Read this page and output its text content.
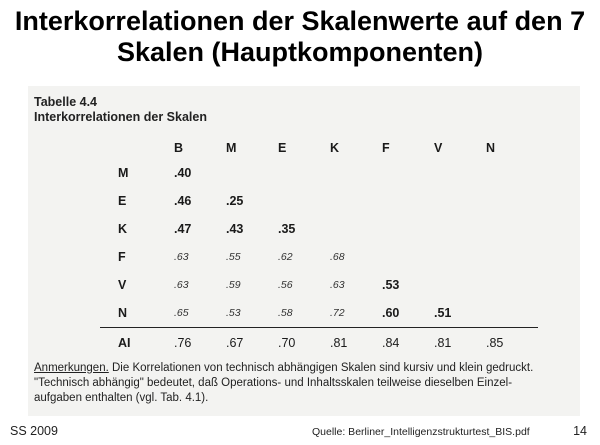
Interkorrelationen der Skalenwerte auf den 7
Skalen (Hauptkomponenten)
Tabelle 4.4
Interkorrelationen der Skalen
	B	M	E	K	F	V	N
M	.40						
E	.46	.25					
K	.47	.43	.35				
F	.63	.55	.62	.68			
V	.63	.59	.56	.63	.53		
N	.65	.53	.58	.72	.60	.51	
AI	.76	.67	.70	.81	.84	.81	.85
Anmerkungen. Die Korrelationen von technisch abhängigen Skalen sind kursiv und klein gedruckt.
"Technisch abhängig" bedeutet, daß Operations- und Inhaltsskalen teilweise dieselben Einzel-
aufgaben enthalten (vgl. Tab. 4.1).
SS 2009	Quelle: Berliner_Intelligenzstrukturtest_BIS.pdf	14
